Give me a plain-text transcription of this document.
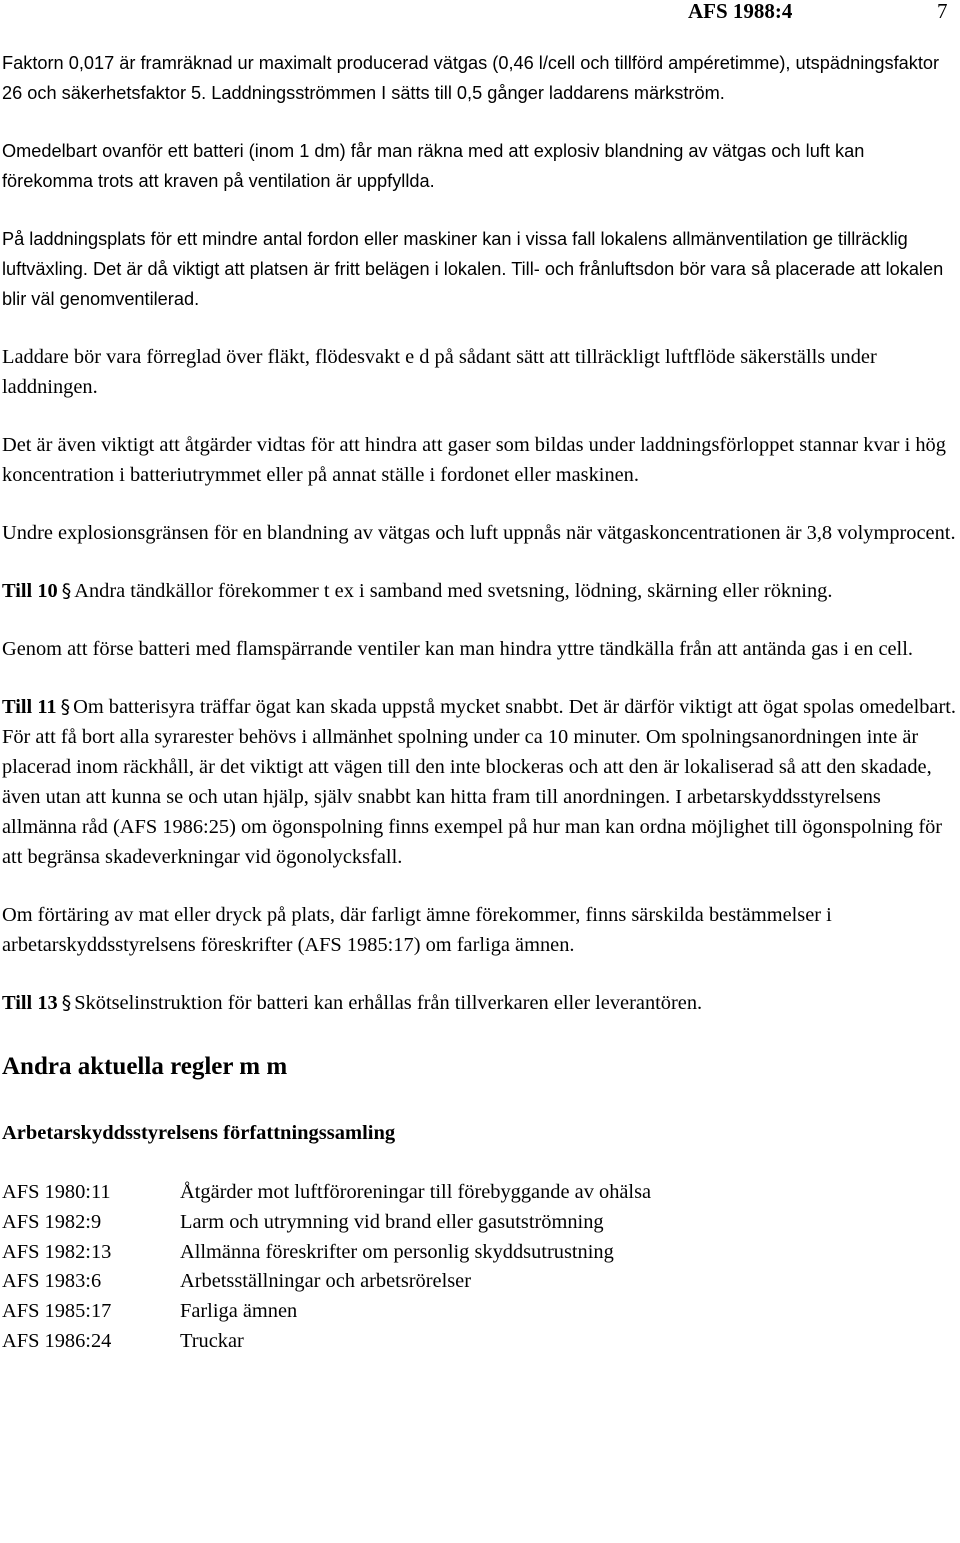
AFS 1988:4	7

Faktorn 0,017 är framräknad ur maximalt producerad vätgas (0,46 l/cell och tillförd ampéretimme), utspädningsfaktor 26 och säkerhetsfaktor 5. Laddningsströmmen I sätts till 0,5 gånger laddarens märkström.

Omedelbart ovanför ett batteri (inom 1 dm) får man räkna med att explosiv blandning av vätgas och luft kan förekomma trots att kraven på ventilation är uppfyllda.

På laddningsplats för ett mindre antal fordon eller maskiner kan i vissa fall lokalens allmänventilation ge tillräcklig luftväxling. Det är då viktigt att platsen är fritt belägen i lokalen. Till- och frånluftsdon bör vara så placerade att lokalen blir väl genomventilerad.

Laddare bör vara förreglad över fläkt, flödesvakt e d på sådant sätt att tillräckligt luftflöde säkerställs under laddningen.

Det är även viktigt att åtgärder vidtas för att hindra att gaser som bildas under laddningsförloppet stannar kvar i hög koncentration i batteriutrymmet eller på annat ställe i fordonet eller maskinen.

Undre explosionsgränsen för en blandning av vätgas och luft uppnås när vätgaskoncentrationen är 3,8 volymprocent.

Till 10 § Andra tändkällor förekommer t ex i samband med svetsning, lödning, skärning eller rökning.

Genom att förse batteri med flamspärrande ventiler kan man hindra yttre tändkälla från att antända gas i en cell.

Till 11 § Om batterisyra träffar ögat kan skada uppstå mycket snabbt. Det är därför viktigt att ögat spolas omedelbart. För att få bort alla syrarester behövs i allmänhet spolning under ca 10 minuter. Om spolningsanordningen inte är placerad inom räckhåll, är det viktigt att vägen till den inte blockeras och att den är lokaliserad så att den skadade, även utan att kunna se och utan hjälp, själv snabbt kan hitta fram till anordningen. I arbetarskyddsstyrelsens allmänna råd (AFS 1986:25) om ögonspolning finns exempel på hur man kan ordna möjlighet till ögonspolning för att begränsa skadeverkningar vid ögonolycksfall.

Om förtäring av mat eller dryck på plats, där farligt ämne förekommer, finns särskilda bestämmelser i arbetarskyddsstyrelsens föreskrifter (AFS 1985:17) om farliga ämnen.

Till 13 § Skötselinstruktion för batteri kan erhållas från tillverkaren eller leverantören.

Andra aktuella regler m m
Arbetarskyddsstyrelsens författningssamling
AFS 1980:11	Åtgärder mot luftföroreningar till förebyggande av ohälsa
AFS 1982:9	Larm och utrymning vid brand eller gasutströmning
AFS 1982:13	Allmänna föreskrifter om personlig skyddsutrustning
AFS 1983:6	Arbetsställningar och arbetsrörelser
AFS 1985:17	Farliga ämnen
AFS 1986:24	Truckar
